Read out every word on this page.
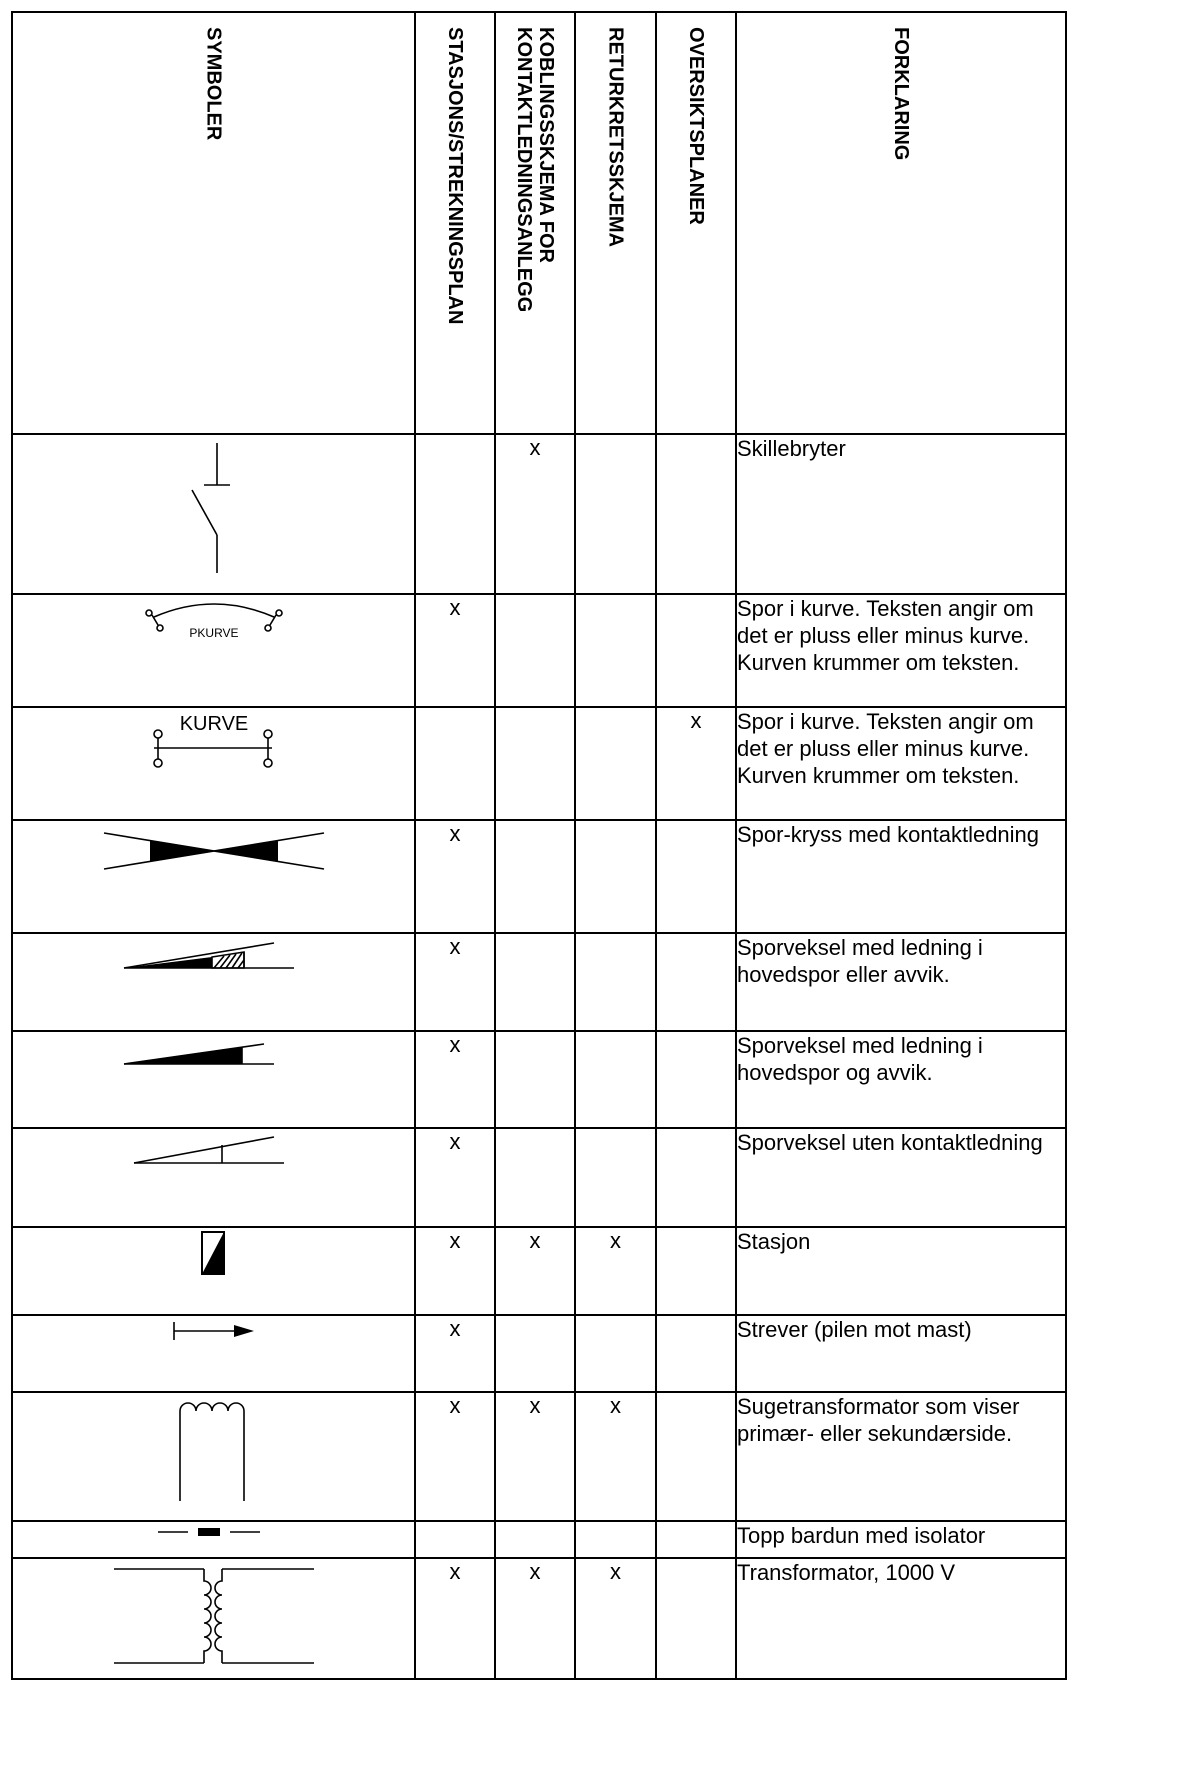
SYMBOLER	STASJONS/STREKNINGSPLAN	KOBLINGSSKJEMA FOR
KONTAKTLEDNINGSANLEGG	RETURKRETSSKJEMA	OVERSIKTSPLANER	FORKLARING

		x			Skillebryter

PKURVE	x				Spor i kurve. Teksten angir om det er pluss eller minus kurve. Kurven krummer om teksten.

KURVE				x	Spor i kurve. Teksten angir om det er pluss eller minus kurve. Kurven krummer om teksten.

	x				Spor-kryss med kontaktledning

	x				Sporveksel med ledning i hovedspor eller avvik.

	x				Sporveksel med ledning i hovedspor og avvik.

	x				Sporveksel uten kontaktledning

	x	x	x		Stasjon

	x				Strever (pilen mot mast)

	x	x	x		Sugetransformator som viser primær- eller sekundærside.

					Topp bardun med isolator

	x	x	x		Transformator, 1000 V
